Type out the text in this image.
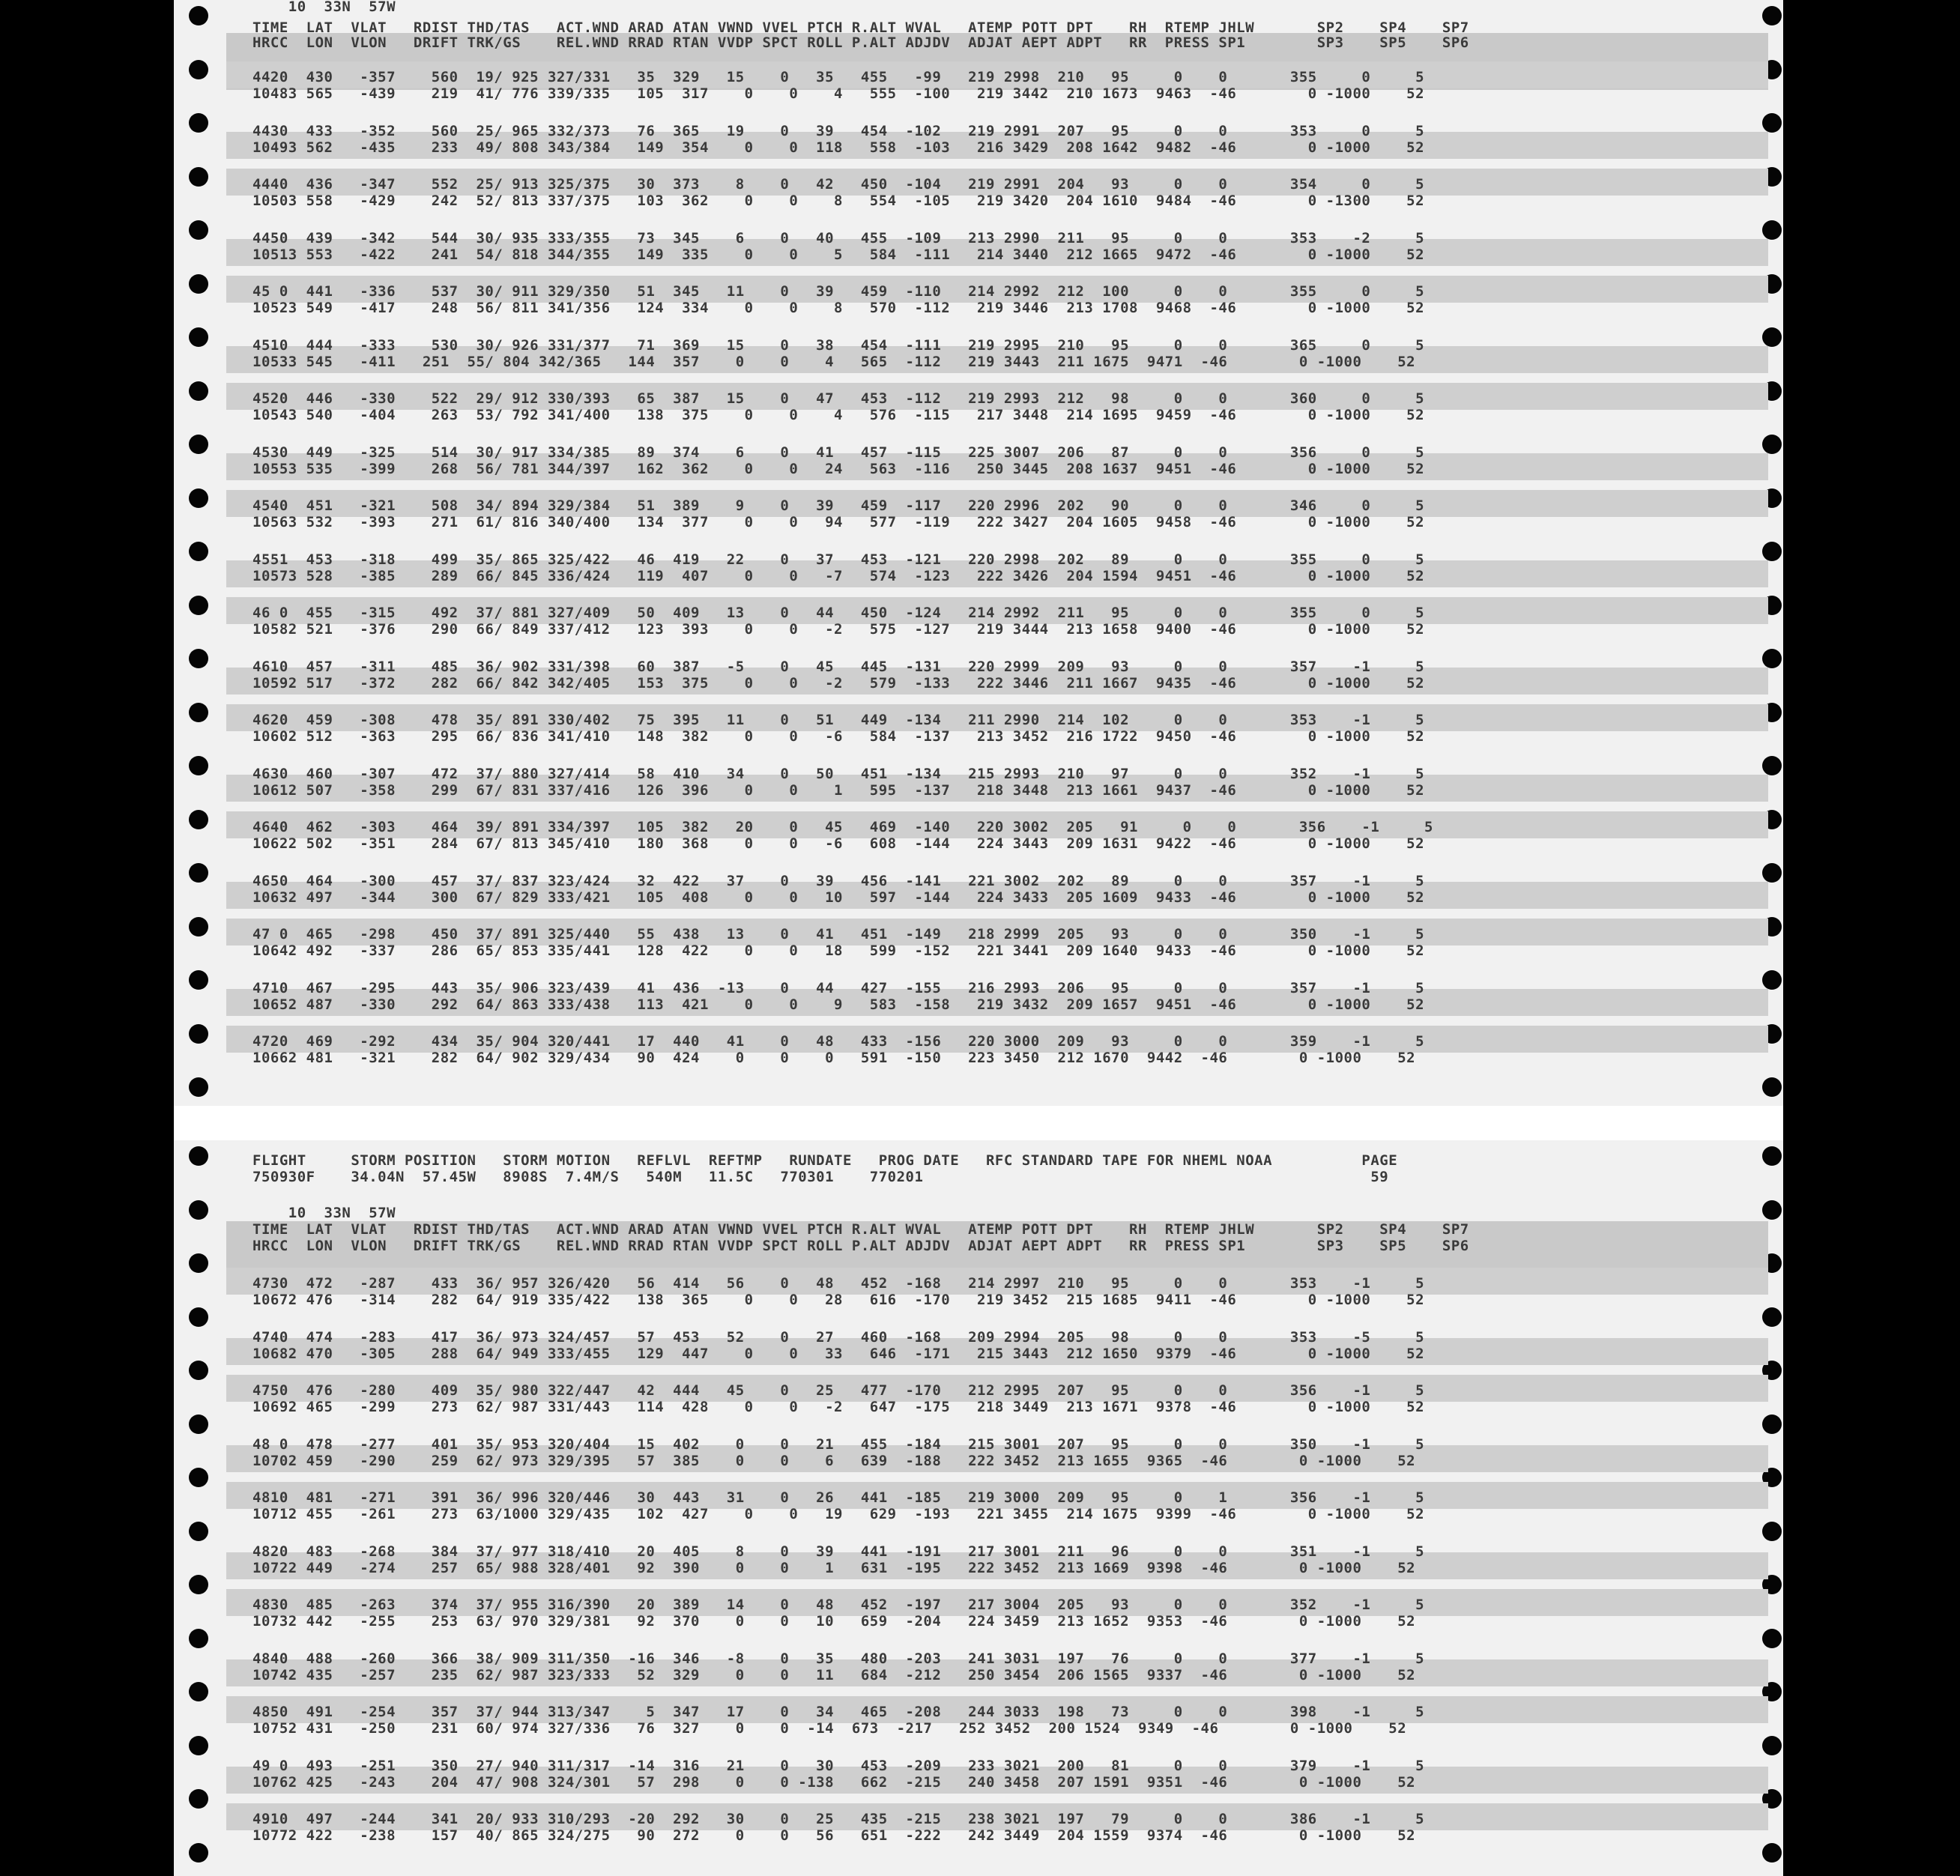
10  33N  57W
TIME  LAT  VLAT   RDIST THD/TAS   ACT.WND ARAD ATAN VWND VVEL PTCH R.ALT WVAL   ATEMP POTT DPT    RH  RTEMP JHLW       SP2    SP4    SP7
HRCC  LON  VLON   DRIFT TRK/GS    REL.WND RRAD RTAN VVDP SPCT ROLL P.ALT ADJDV  ADJAT AEPT ADPT   RR  PRESS SP1        SP3    SP5    SP6
4420  430   -357    560  19/ 925 327/331   35  329   15    0   35   455   -99   219 2998  210   95     0    0       355     0     5
10483 565   -439    219  41/ 776 339/335   105  317    0    0    4   555  -100   219 3442  210 1673  9463  -46        0 -1000    52
4430  433   -352    560  25/ 965 332/373   76  365   19    0   39   454  -102   219 2991  207   95     0    0       353     0     5
10493 562   -435    233  49/ 808 343/384   149  354    0    0  118   558  -103   216 3429  208 1642  9482  -46        0 -1000    52
4440  436   -347    552  25/ 913 325/375   30  373    8    0   42   450  -104   219 2991  204   93     0    0       354     0     5
10503 558   -429    242  52/ 813 337/375   103  362    0    0    8   554  -105   219 3420  204 1610  9484  -46        0 -1300    52
4450  439   -342    544  30/ 935 333/355   73  345    6    0   40   455  -109   213 2990  211   95     0    0       353    -2     5
10513 553   -422    241  54/ 818 344/355   149  335    0    0    5   584  -111   214 3440  212 1665  9472  -46        0 -1000    52
45 0  441   -336    537  30/ 911 329/350   51  345   11    0   39   459  -110   214 2992  212  100     0    0       355     0     5
10523 549   -417    248  56/ 811 341/356   124  334    0    0    8   570  -112   219 3446  213 1708  9468  -46        0 -1000    52
4510  444   -333    530  30/ 926 331/377   71  369   15    0   38   454  -111   219 2995  210   95     0    0       365     0     5
10533 545   -411   251  55/ 804 342/365   144  357    0    0    4   565  -112   219 3443  211 1675  9471  -46        0 -1000    52
4520  446   -330    522  29/ 912 330/393   65  387   15    0   47   453  -112   219 2993  212   98     0    0       360     0     5
10543 540   -404    263  53/ 792 341/400   138  375    0    0    4   576  -115   217 3448  214 1695  9459  -46        0 -1000    52
4530  449   -325    514  30/ 917 334/385   89  374    6    0   41   457  -115   225 3007  206   87     0    0       356     0     5
10553 535   -399    268  56/ 781 344/397   162  362    0    0   24   563  -116   250 3445  208 1637  9451  -46        0 -1000    52
4540  451   -321    508  34/ 894 329/384   51  389    9    0   39   459  -117   220 2996  202   90     0    0       346     0     5
10563 532   -393    271  61/ 816 340/400   134  377    0    0   94   577  -119   222 3427  204 1605  9458  -46        0 -1000    52
4551  453   -318    499  35/ 865 325/422   46  419   22    0   37   453  -121   220 2998  202   89     0    0       355     0     5
10573 528   -385    289  66/ 845 336/424   119  407    0    0   -7   574  -123   222 3426  204 1594  9451  -46        0 -1000    52
46 0  455   -315    492  37/ 881 327/409   50  409   13    0   44   450  -124   214 2992  211   95     0    0       355     0     5
10582 521   -376    290  66/ 849 337/412   123  393    0    0   -2   575  -127   219 3444  213 1658  9400  -46        0 -1000    52
4610  457   -311    485  36/ 902 331/398   60  387   -5    0   45   445  -131   220 2999  209   93     0    0       357    -1     5
10592 517   -372    282  66/ 842 342/405   153  375    0    0   -2   579  -133   222 3446  211 1667  9435  -46        0 -1000    52
4620  459   -308    478  35/ 891 330/402   75  395   11    0   51   449  -134   211 2990  214  102     0    0       353    -1     5
10602 512   -363    295  66/ 836 341/410   148  382    0    0   -6   584  -137   213 3452  216 1722  9450  -46        0 -1000    52
4630  460   -307    472  37/ 880 327/414   58  410   34    0   50   451  -134   215 2993  210   97     0    0       352    -1     5
10612 507   -358    299  67/ 831 337/416   126  396    0    0    1   595  -137   218 3448  213 1661  9437  -46        0 -1000    52
4640  462   -303    464  39/ 891 334/397   105  382   20    0   45   469  -140   220 3002  205   91     0    0       356    -1     5
10622 502   -351    284  67/ 813 345/410   180  368    0    0   -6   608  -144   224 3443  209 1631  9422  -46        0 -1000    52
4650  464   -300    457  37/ 837 323/424   32  422   37    0   39   456  -141   221 3002  202   89     0    0       357    -1     5
10632 497   -344    300  67/ 829 333/421   105  408    0    0   10   597  -144   224 3433  205 1609  9433  -46        0 -1000    52
47 0  465   -298    450  37/ 891 325/440   55  438   13    0   41   451  -149   218 2999  205   93     0    0       350    -1     5
10642 492   -337    286  65/ 853 335/441   128  422    0    0   18   599  -152   221 3441  209 1640  9433  -46        0 -1000    52
4710  467   -295    443  35/ 906 323/439   41  436  -13    0   44   427  -155   216 2993  206   95     0    0       357    -1     5
10652 487   -330    292  64/ 863 333/438   113  421    0    0    9   583  -158   219 3432  209 1657  9451  -46        0 -1000    52
4720  469   -292    434  35/ 904 320/441   17  440   41    0   48   433  -156   220 3000  209   93     0    0       359    -1     5
10662 481   -321    282  64/ 902 329/434   90  424    0    0    0   591  -150   223 3450  212 1670  9442  -46        0 -1000    52
FLIGHT     STORM POSITION   STORM MOTION   REFLVL  REFTMP   RUNDATE   PROG DATE   RFC STANDARD TAPE FOR NHEML NOAA          PAGE
750930F    34.04N  57.45W   8908S  7.4M/S   540M   11.5C   770301    770201                                                  59
10  33N  57W
TIME  LAT  VLAT   RDIST THD/TAS   ACT.WND ARAD ATAN VWND VVEL PTCH R.ALT WVAL   ATEMP POTT DPT    RH  RTEMP JHLW       SP2    SP4    SP7
HRCC  LON  VLON   DRIFT TRK/GS    REL.WND RRAD RTAN VVDP SPCT ROLL P.ALT ADJDV  ADJAT AEPT ADPT   RR  PRESS SP1        SP3    SP5    SP6
4730  472   -287    433  36/ 957 326/420   56  414   56    0   48   452  -168   214 2997  210   95     0    0       353    -1     5
10672 476   -314    282  64/ 919 335/422   138  365    0    0   28   616  -170   219 3452  215 1685  9411  -46        0 -1000    52
4740  474   -283    417  36/ 973 324/457   57  453   52    0   27   460  -168   209 2994  205   98     0    0       353    -5     5
10682 470   -305    288  64/ 949 333/455   129  447    0    0   33   646  -171   215 3443  212 1650  9379  -46        0 -1000    52
4750  476   -280    409  35/ 980 322/447   42  444   45    0   25   477  -170   212 2995  207   95     0    0       356    -1     5
10692 465   -299    273  62/ 987 331/443   114  428    0    0   -2   647  -175   218 3449  213 1671  9378  -46        0 -1000    52
48 0  478   -277    401  35/ 953 320/404   15  402    0    0   21   455  -184   215 3001  207   95     0    0       350    -1     5
10702 459   -290    259  62/ 973 329/395   57  385    0    0    6   639  -188   222 3452  213 1655  9365  -46        0 -1000    52
4810  481   -271    391  36/ 996 320/446   30  443   31    0   26   441  -185   219 3000  209   95     0    1       356    -1     5
10712 455   -261    273  63/1000 329/435   102  427    0    0   19   629  -193   221 3455  214 1675  9399  -46        0 -1000    52
4820  483   -268    384  37/ 977 318/410   20  405    8    0   39   441  -191   217 3001  211   96     0    0       351    -1     5
10722 449   -274    257  65/ 988 328/401   92  390    0    0    1   631  -195   222 3452  213 1669  9398  -46        0 -1000    52
4830  485   -263    374  37/ 955 316/390   20  389   14    0   48   452  -197   217 3004  205   93     0    0       352    -1     5
10732 442   -255    253  63/ 970 329/381   92  370    0    0   10   659  -204   224 3459  213 1652  9353  -46        0 -1000    52
4840  488   -260    366  38/ 909 311/350  -16  346   -8    0   35   480  -203   241 3031  197   76     0    0       377    -1     5
10742 435   -257    235  62/ 987 323/333   52  329    0    0   11   684  -212   250 3454  206 1565  9337  -46        0 -1000    52
4850  491   -254    357  37/ 944 313/347    5  347   17    0   34   465  -208   244 3033  198   73     0    0       398    -1     5
10752 431   -250    231  60/ 974 327/336   76  327    0    0  -14  673  -217   252 3452  200 1524  9349  -46        0 -1000    52
49 0  493   -251    350  27/ 940 311/317  -14  316   21    0   30   453  -209   233 3021  200   81     0    0       379    -1     5
10762 425   -243    204  47/ 908 324/301   57  298    0    0 -138   662  -215   240 3458  207 1591  9351  -46        0 -1000    52
4910  497   -244    341  20/ 933 310/293  -20  292   30    0   25   435  -215   238 3021  197   79     0    0       386    -1     5
10772 422   -238    157  40/ 865 324/275   90  272    0    0   56   651  -222   242 3449  204 1559  9374  -46        0 -1000    52
